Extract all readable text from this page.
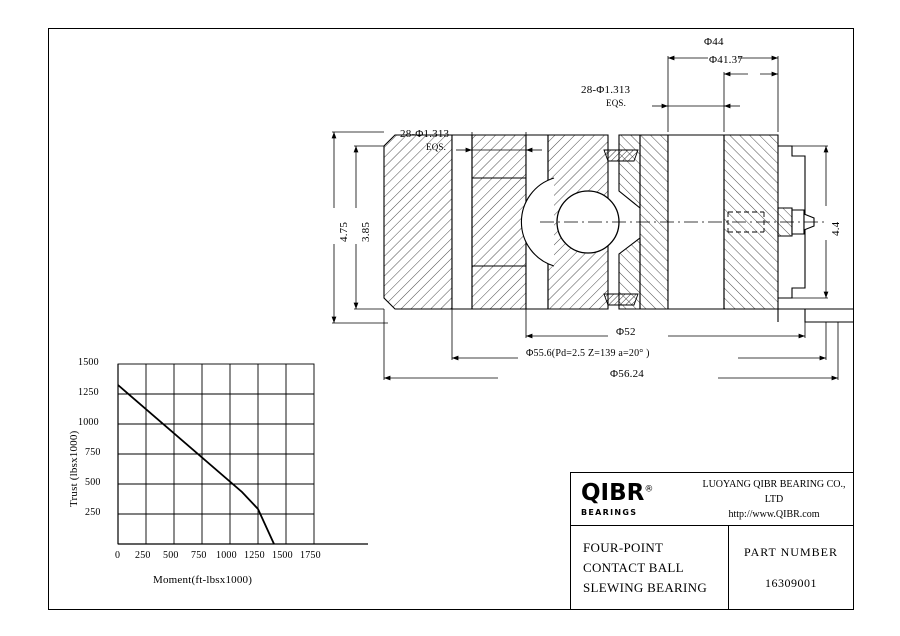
28-Φ1.313
EQS.
28-Φ1.313
EQS.
Φ44
Φ41.37
4.75 3.85	4.4
Φ52
Φ55.6(Pd=2.5 Z=139 a=20° )
Φ56.24
1500
1250
1000
750
500
250
0 250 500 750 1000 1250 1500 1750
Trust (lbsx1000)
Moment(ft-lbsx1000)
QIBR®
BEARINGS
LUOYANG QIBR BEARING CO., LTD
http://www.QIBR.com
FOUR-POINT
CONTACT BALL
SLEWING BEARING
PART NUMBER
16309001
